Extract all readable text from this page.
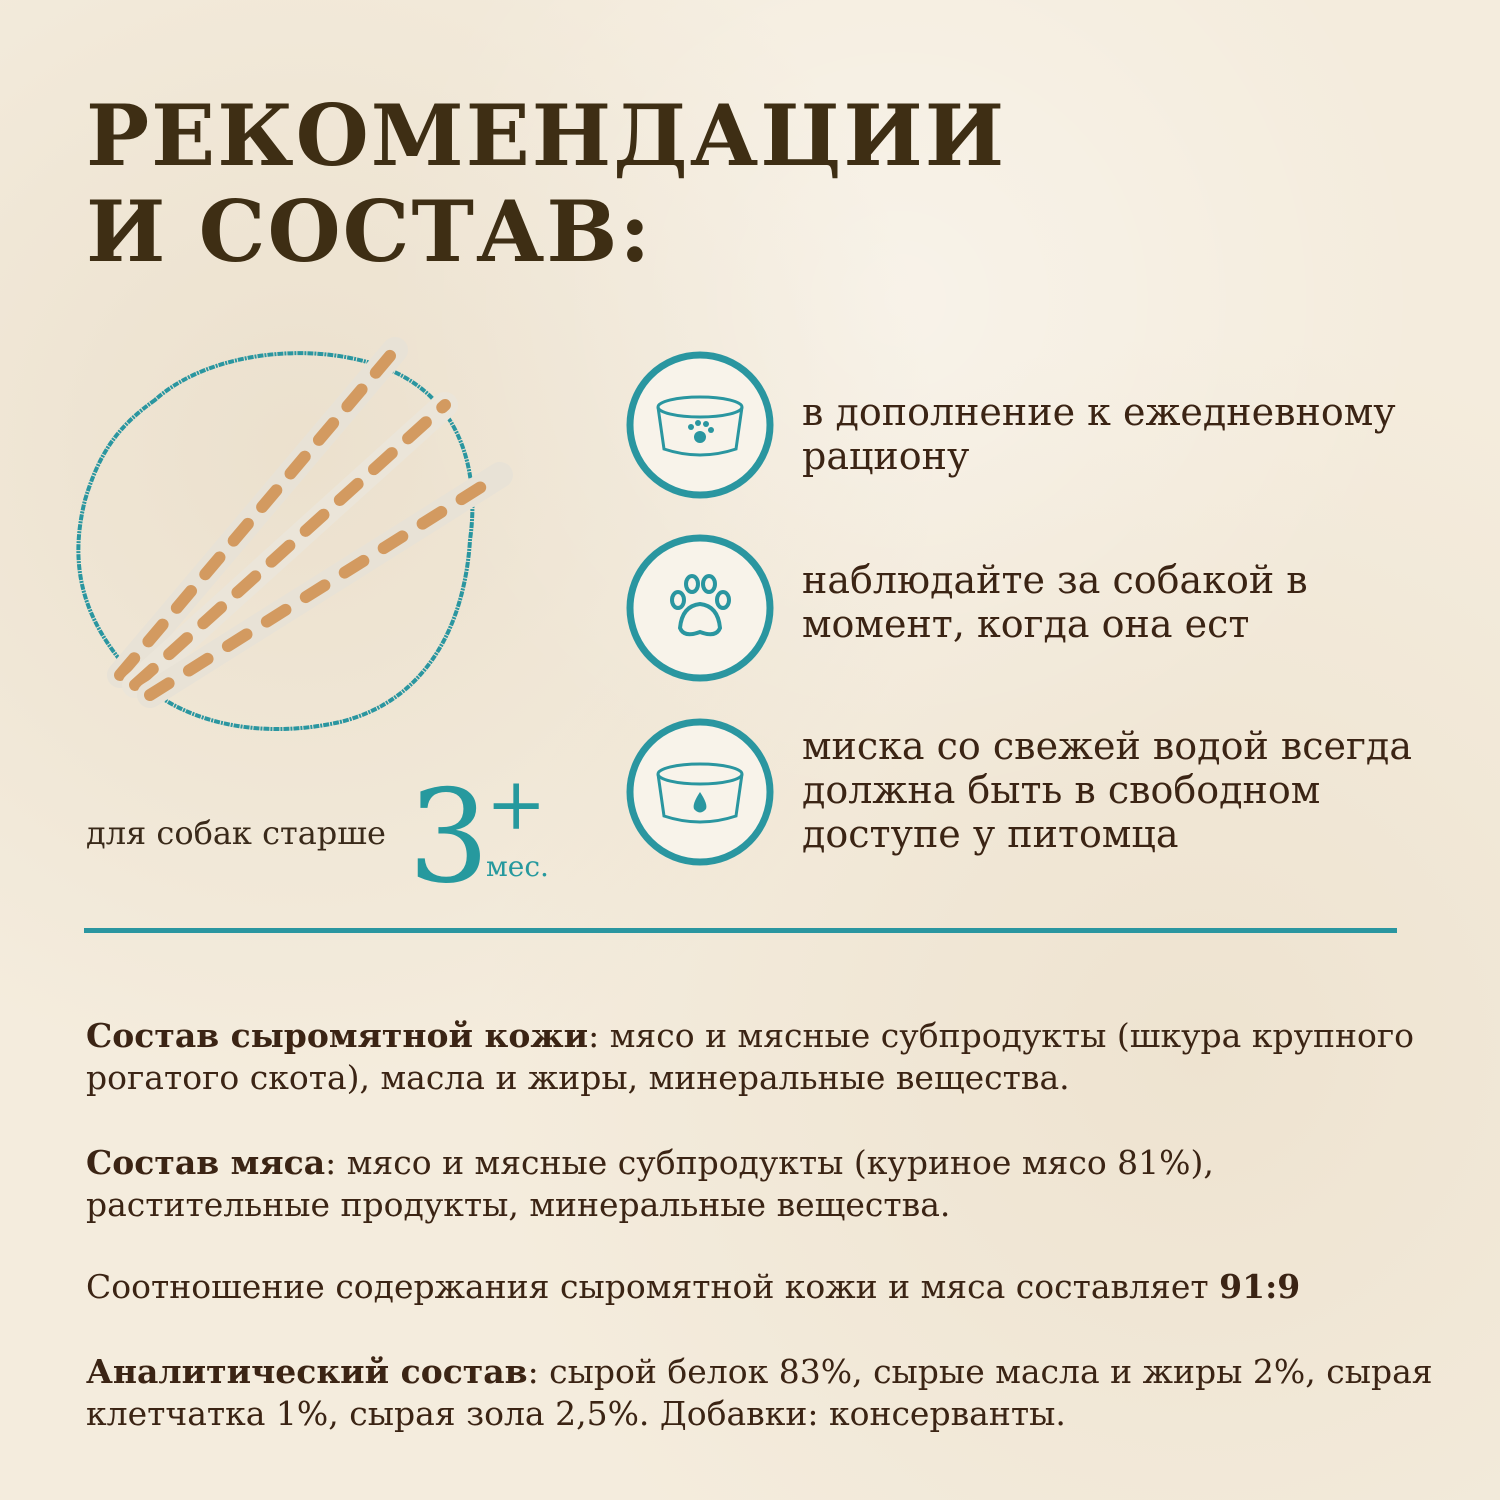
РЕКОМЕНДАЦИИ
И СОСТАВ:
для собак старше 3
+
мес.
в дополнение к ежедневному рациону
наблюдайте за собакой в момент, когда она ест
миска со свежей водой всегда должна быть в свободном доступе у питомца

Состав сыромятной кожи: мясо и мясные субпродукты (шкура крупного рогатого скота), масла и жиры, минеральные вещества.

Состав мяса: мясо и мясные субпродукты (куриное мясо 81%), растительные продукты, минеральные вещества.

Соотношение содержания сыромятной кожи и мяса составляет 91:9

Аналитический состав: сырой белок 83%, сырые масла и жиры 2%, сырая клетчатка 1%, сырая зола 2,5%. Добавки: консерванты.
